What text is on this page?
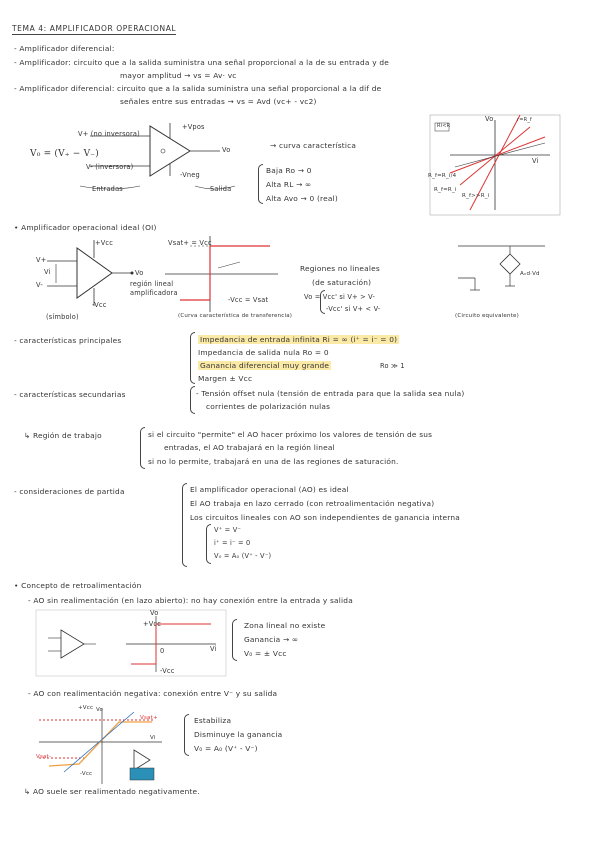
TEMA 4: AMPLIFICADOR OPERACIONAL
- Amplificador diferencial:
- Amplificador: circuito que a la salida suministra una señal proporcional a la de su entrada y de
mayor amplitud → vs = Av· vc
- Amplificador diferencial: circuito que a la salida suministra una señal proporcional a la dif de
señales entre sus entradas → vs = Avd (vc+ - vc2)
V₀ = (V₊ − V₋)
V+ (no inversora)
V- (inversora)
+Vpos
-Vneg
Vo
Entradas	Salida
→ curva característica
Baja Ro → 0
Alta RL → ∞
Alta Avo → 0 (real)
Ri<R
Vo
Vi
R_f=R_i/4
R_f=R_i
R_f>>R_i
r=R_f
• Amplificador operacional ideal (OI)
+Vcc
-Vcc
V+
V-
Vi	Vo
(símbolo)
Vsat+ = Vcc
-Vcc = Vsat
región lineal amplificadora
(Curva característica de transferencia)
Regiones no lineales
(de saturación)
Vo = Vcc' si V+ > V-
-Vcc' si V+ < V-
Aᵥd·Vd
(Circuito equivalente)
- características principales	Impedancia de entrada infinita Ri = ∞ (i⁺ = i⁻ = 0)
Impedancia de salida nula Ro = 0
Ganancia diferencial muy grande	Ro ≫ 1
Margen ± Vcc
- características secundarias	- Tensión offset nula (tensión de entrada para que la salida sea nula)
corrientes de polarización nulas
↳ Región de trabajo	si el circuito "permite" el AO hacer próximo los valores de tensión de sus
entradas, el AO trabajará en la región lineal
si no lo permite, trabajará en una de las regiones de saturación.
- consideraciones de partida	El amplificador operacional (AO) es ideal
El AO trabaja en lazo cerrado (con retroalimentación negativa)
Los circuitos lineales con AO son independientes de ganancia interna
V⁺ = V⁻
i⁺ = i⁻ = 0
V₀ = A₀ (V⁺ - V⁻)
• Concepto de retroalimentación
- AO sin realimentación (en lazo abierto): no hay conexión entre la entrada y salida
Vo
+Vcc
-Vcc
Vi
0
Zona lineal no existe
Ganancia → ∞
V₀ = ± Vcc
- AO con realimentación negativa: conexión entre V⁻ y su salida
+Vcc
Vsat+
Vsat-
-Vcc
Vi
Vo
Estabiliza
Disminuye la ganancia
V₀ = A₀ (V⁺ - V⁻)
↳ AO suele ser realimentado negativamente.
